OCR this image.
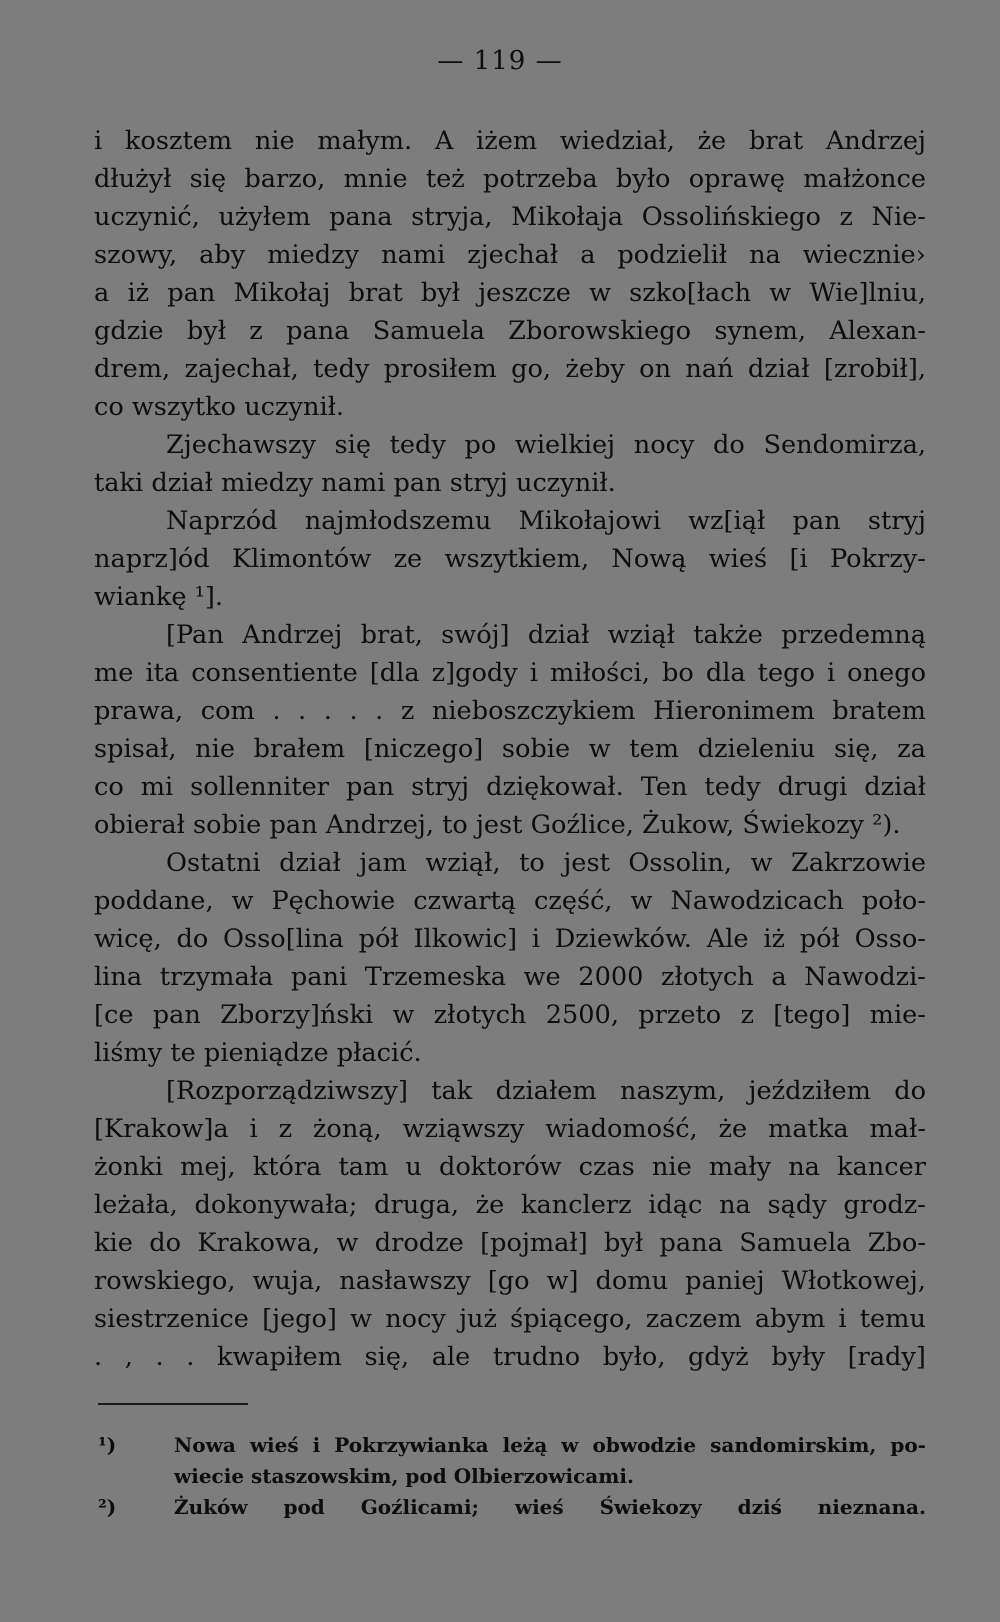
— 119 —
i kosztem nie małym. A iżem wiedział, że brat Andrzej
dłużył się barzo, mnie też potrzeba było oprawę małżonce
uczynić, użyłem pana stryja, Mikołaja Ossolińskiego z Nie-
szowy, aby miedzy nami zjechał a podzielił na wiecznie›
a iż pan Mikołaj brat był jeszcze w szko[łach w Wie]lniu,
gdzie był z pana Samuela Zborowskiego synem, Alexan-
drem, zajechał, tedy prosiłem go, żeby on nań dział [zrobił],
co wszytko uczynił.
Zjechawszy się tedy po wielkiej nocy do Sendomirza,
taki dział miedzy nami pan stryj uczynił.
Naprzód najmłodszemu Mikołajowi wz[iął pan stryj
naprz]ód Klimontów ze wszytkiem, Nową wieś [i Pokrzy-
wiankę ¹].
[Pan Andrzej brat, swój] dział wziął także przedemną
me ita consentiente [dla z]gody i miłości, bo dla tego i onego
prawa, com . . . . . z nieboszczykiem Hieronimem bratem
spisał, nie brałem [niczego] sobie w tem dzieleniu się, za
co mi sollenniter pan stryj dziękował. Ten tedy drugi dział
obierał sobie pan Andrzej, to jest Goźlice, Żukow, Świekozy ²).
Ostatni dział jam wziął, to jest Ossolin, w Zakrzowie
poddane, w Pęchowie czwartą część, w Nawodzicach poło-
wicę, do Osso[lina pół Ilkowic] i Dziewków. Ale iż pół Osso-
lina trzymała pani Trzemeska we 2000 złotych a Nawodzi-
[ce pan Zborzy]ński w złotych 2500, przeto z [tego] mie-
liśmy te pieniądze płacić.
[Rozporządziwszy] tak działem naszym, jeździłem do
[Krakow]a i z żoną, wziąwszy wiadomość, że matka mał-
żonki mej, która tam u doktorów czas nie mały na kancer
leżała, dokonywała; druga, że kanclerz idąc na sądy grodz-
kie do Krakowa, w drodze [pojmał] był pana Samuela Zbo-
rowskiego, wuja, nasławszy [go w] domu paniej Włotkowej,
siestrzenice [jego] w nocy już śpiącego, zaczem abym i temu
. , . . kwapiłem się, ale trudno było, gdyż były [rady]
¹)	Nowa wieś i Pokrzywianka leżą w obwodzie sandomirskim, po-
wiecie staszowskim, pod Olbierzowicami.
²)	Żuków pod Goźlicami; wieś Świekozy dziś nieznana.
